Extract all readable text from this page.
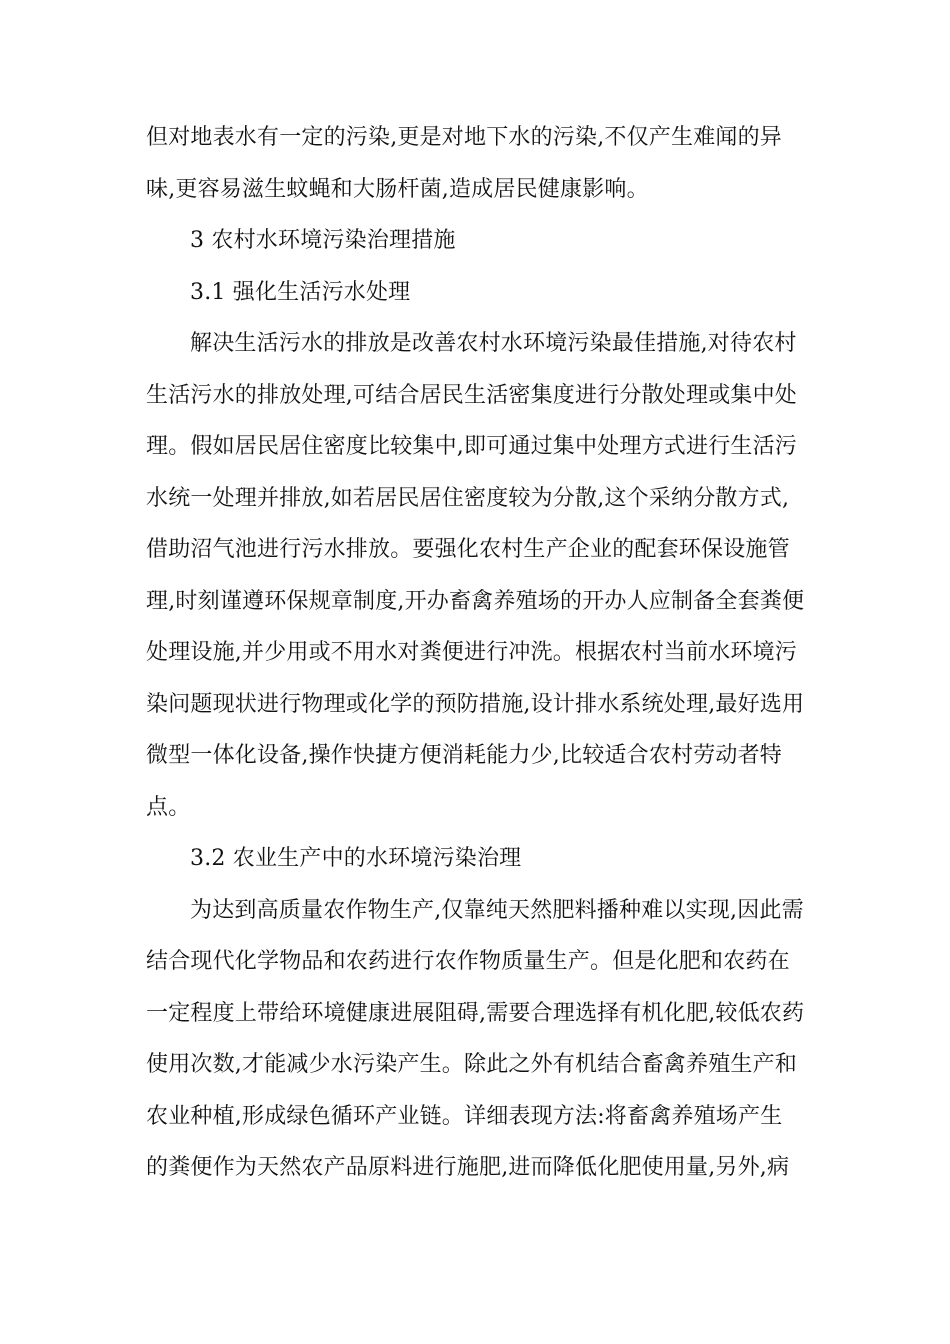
但对地表水有一定的污染,更是对地下水的污染,不仅产生难闻的异
味,更容易滋生蚊蝇和大肠杆菌,造成居民健康影响。
3 农村水环境污染治理措施
3.1 强化生活污水处理
解决生活污水的排放是改善农村水环境污染最佳措施,对待农村
生活污水的排放处理,可结合居民生活密集度进行分散处理或集中处
理。假如居民居住密度比较集中,即可通过集中处理方式进行生活污
水统一处理并排放,如若居民居住密度较为分散,这个采纳分散方式,
借助沼气池进行污水排放。要强化农村生产企业的配套环保设施管
理,时刻谨遵环保规章制度,开办畜禽养殖场的开办人应制备全套粪便
处理设施,并少用或不用水对粪便进行冲洗。根据农村当前水环境污
染问题现状进行物理或化学的预防措施,设计排水系统处理,最好选用
微型一体化设备,操作快捷方便消耗能力少,比较适合农村劳动者特
点。
3.2 农业生产中的水环境污染治理
为达到高质量农作物生产,仅靠纯天然肥料播种难以实现,因此需
结合现代化学物品和农药进行农作物质量生产。但是化肥和农药在
一定程度上带给环境健康进展阻碍,需要合理选择有机化肥,较低农药
使用次数,才能减少水污染产生。除此之外有机结合畜禽养殖生产和
农业种植,形成绿色循环产业链。详细表现方法:将畜禽养殖场产生
的粪便作为天然农产品原料进行施肥,进而降低化肥使用量,另外,病
